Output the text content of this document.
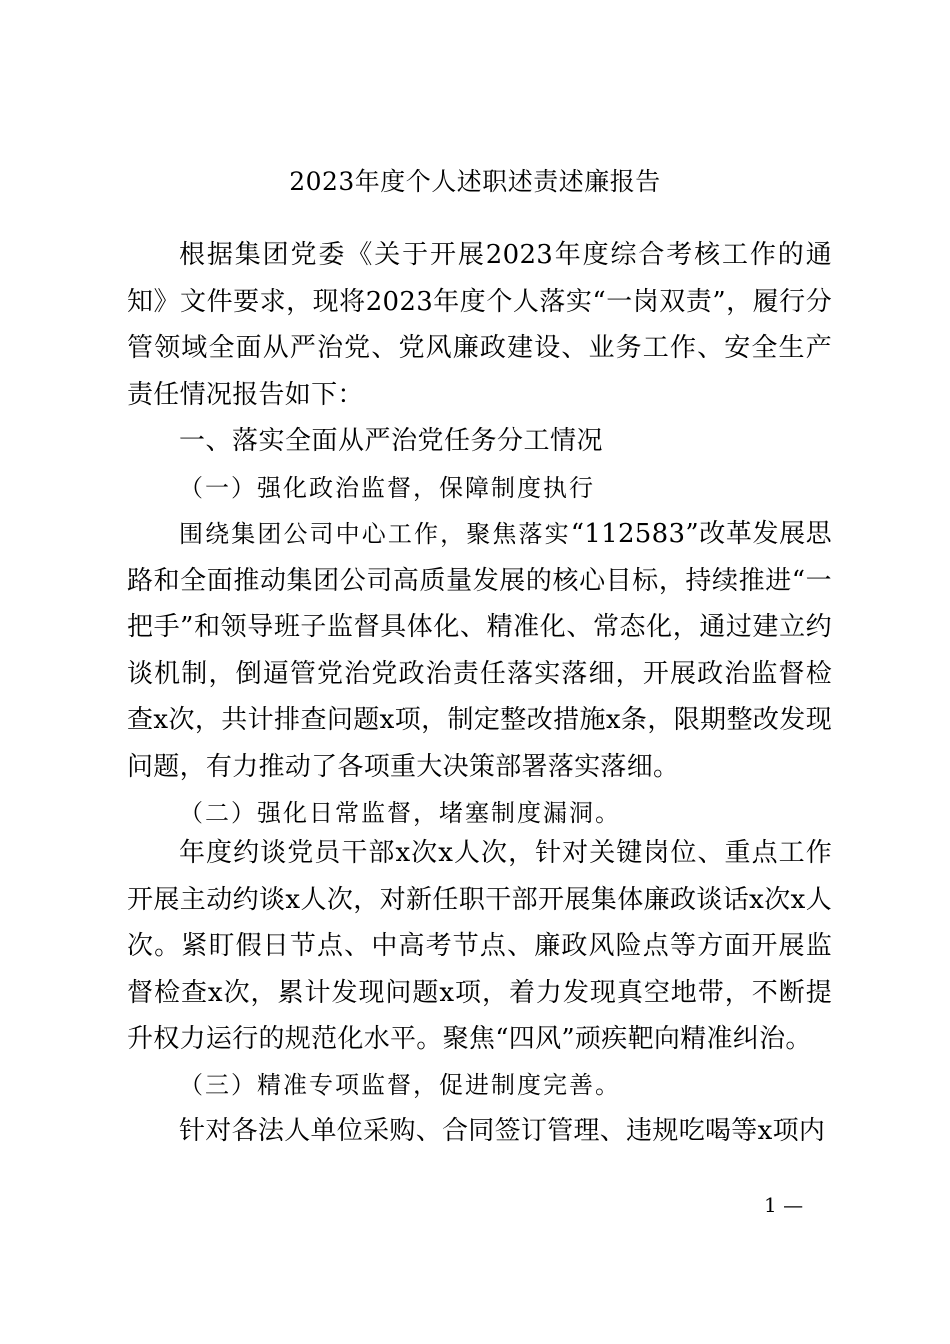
2023年度个人述职述责述廉报告

根据集团党委《关于开展2023年度综合考核工作的通知》文件要求，现将2023年度个人落实“一岗双责”，履行分管领域全面从严治党、党风廉政建设、业务工作、安全生产责任情况报告如下：

一、落实全面从严治党任务分工情况

（一）强化政治监督，保障制度执行

围绕集团公司中心工作，聚焦落实“112583”改革发展思路和全面推动集团公司高质量发展的核心目标，持续推进“一把手”和领导班子监督具体化、精准化、常态化，通过建立约谈机制，倒逼管党治党政治责任落实落细，开展政治监督检查x次，共计排查问题x项，制定整改措施x条，限期整改发现问题，有力推动了各项重大决策部署落实落细。

（二）强化日常监督，堵塞制度漏洞。

年度约谈党员干部x次x人次，针对关键岗位、重点工作开展主动约谈x人次，对新任职干部开展集体廉政谈话x次x人次。紧盯假日节点、中高考节点、廉政风险点等方面开展监督检查x次，累计发现问题x项，着力发现真空地带，不断提升权力运行的规范化水平。聚焦“四风”顽疾靶向精准纠治。

（三）精准专项监督，促进制度完善。

针对各法人单位采购、合同签订管理、违规吃喝等x项内

1 —
